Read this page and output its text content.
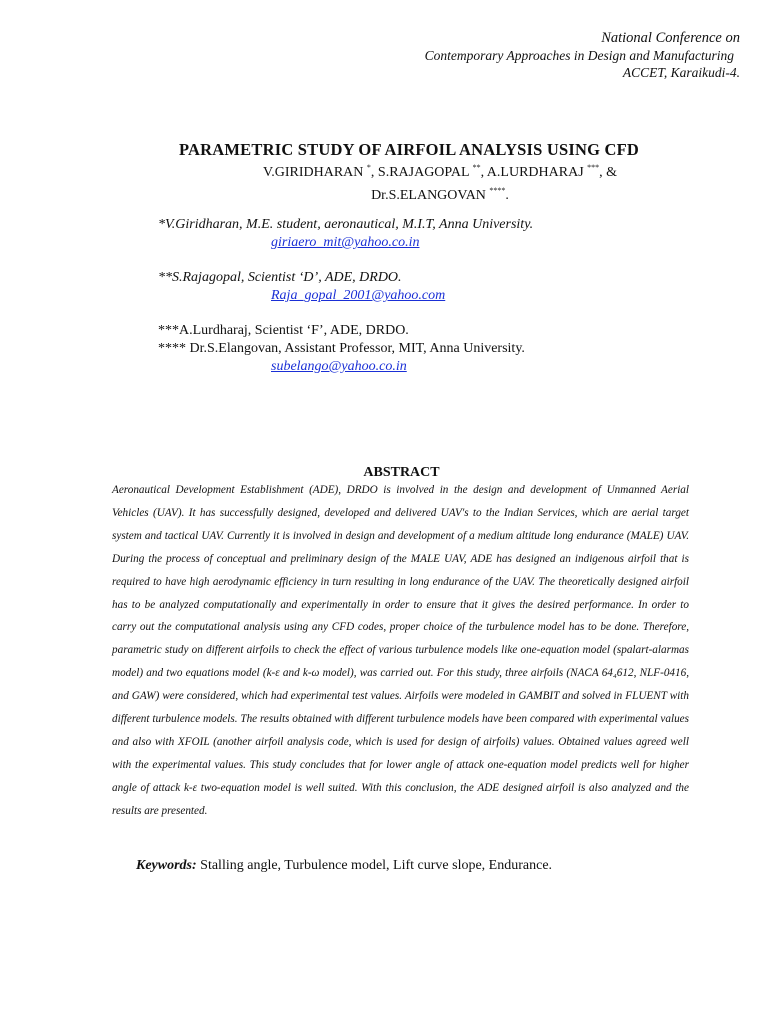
National Conference on
Contemporary Approaches in Design and Manufacturing
ACCET, Karaikudi-4.
PARAMETRIC STUDY OF AIRFOIL ANALYSIS USING CFD
V.GIRIDHARAN *, S.RAJAGOPAL **, A.LURDHARAJ ***, &
Dr.S.ELANGOVAN ****.
*V.Giridharan, M.E. student, aeronautical, M.I.T, Anna University.
giriaero_mit@yahoo.co.in
**S.Rajagopal, Scientist ‘D’, ADE, DRDO.
Raja_gopal_2001@yahoo.com
***A.Lurdharaj, Scientist ‘F’, ADE, DRDO.
**** Dr.S.Elangovan, Assistant Professor, MIT, Anna University.
subelango@yahoo.co.in
ABSTRACT
Aeronautical Development Establishment (ADE), DRDO is involved in the design and development of Unmanned Aerial Vehicles (UAV). It has successfully designed, developed and delivered UAV's to the Indian Services, which are aerial target system and tactical UAV. Currently it is involved in design and development of a medium altitude long endurance (MALE) UAV. During the process of conceptual and preliminary design of the MALE UAV, ADE has designed an indigenous airfoil that is required to have high aerodynamic efficiency in turn resulting in long endurance of the UAV. The theoretically designed airfoil has to be analyzed computationally and experimentally in order to ensure that it gives the desired performance. In order to carry out the computational analysis using any CFD codes, proper choice of the turbulence model has to be done. Therefore, parametric study on different airfoils to check the effect of various turbulence models like one-equation model (spalart-alarmas model) and two equations model (k-ε and k-ω model), was carried out. For this study, three airfoils (NACA 64₄612, NLF-0416, and GAW) were considered, which had experimental test values. Airfoils were modeled in GAMBIT and solved in FLUENT with different turbulence models. The results obtained with different turbulence models have been compared with experimental values and also with XFOIL (another airfoil analysis code, which is used for design of airfoils) values. Obtained values agreed well with the experimental values. This study concludes that for lower angle of attack one-equation model predicts well for higher angle of attack k-ε two-equation model is well suited. With this conclusion, the ADE designed airfoil is also analyzed and the results are presented.
Keywords: Stalling angle, Turbulence model, Lift curve slope, Endurance.
